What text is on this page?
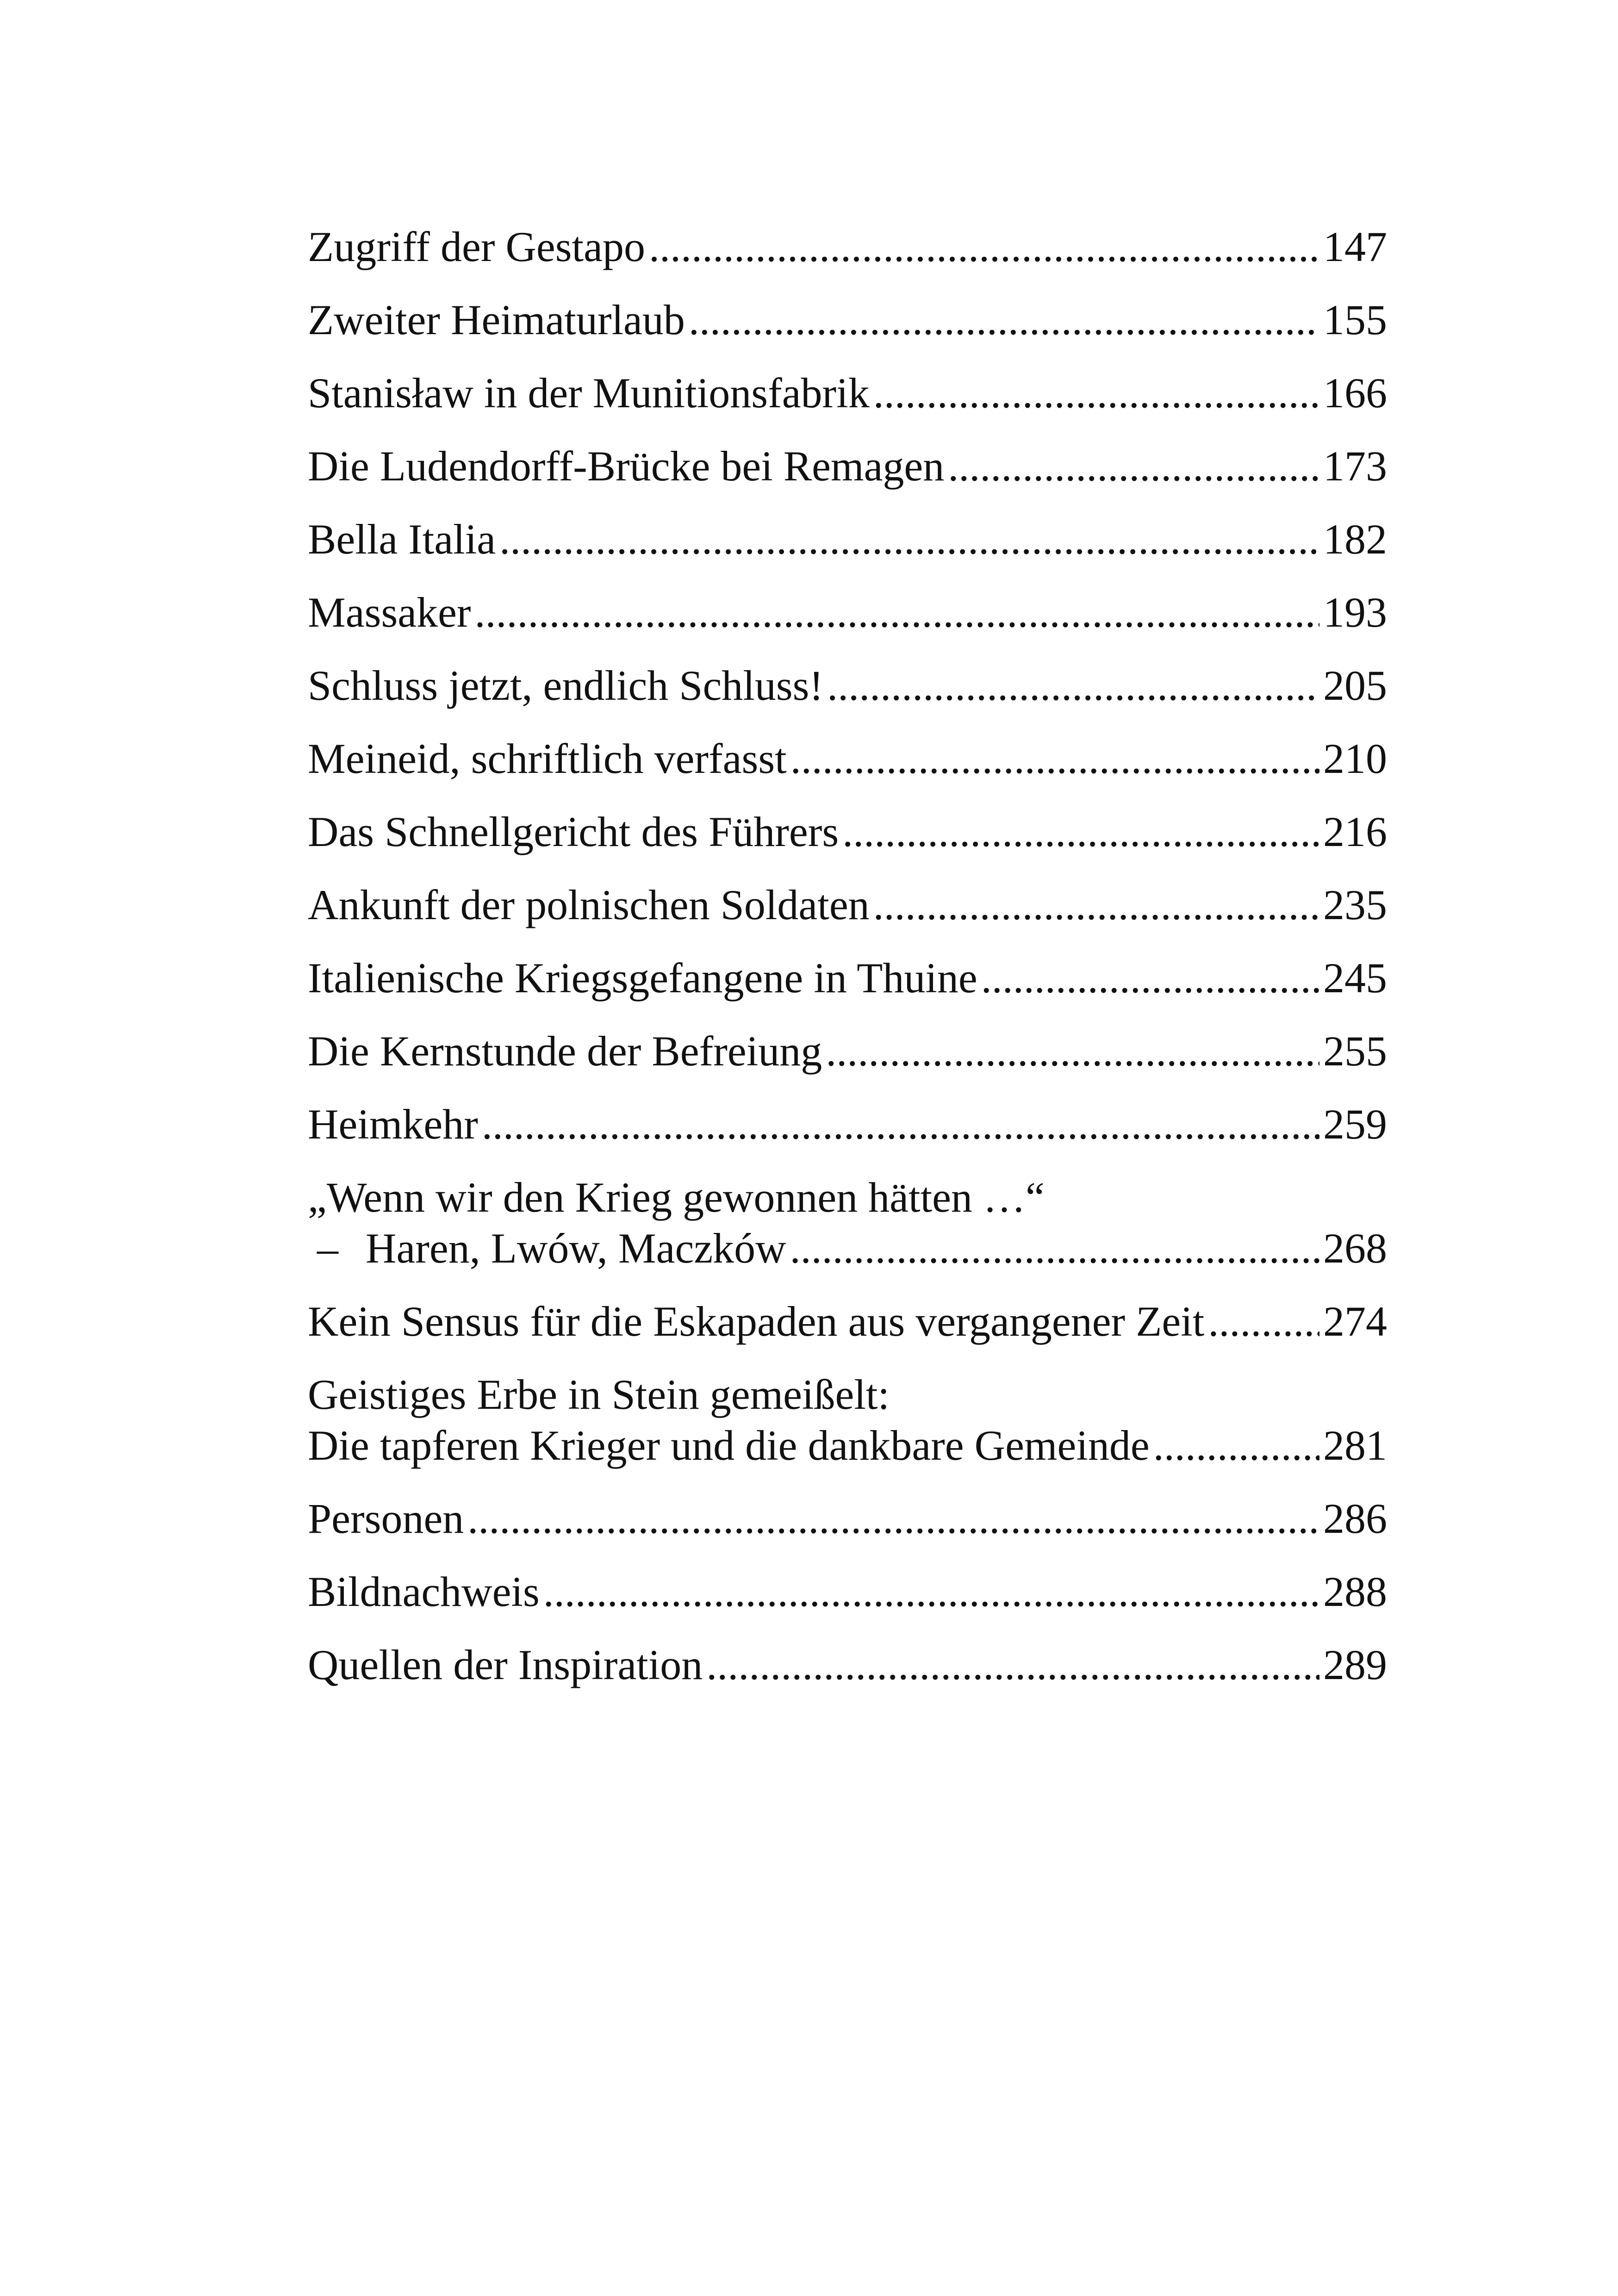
Zugriff der Gestapo .....	147
Zweiter Heimaturlaub .....	155
Stanisław in der Munitionsfabrik .....	166
Die Ludendorff-Brücke bei Remagen .....	173
Bella Italia .....	182
Massaker .....	193
Schluss jetzt, endlich Schluss! .....	205
Meineid, schriftlich verfasst .....	210
Das Schnellgericht des Führers .....	216
Ankunft der polnischen Soldaten .....	235
Italienische Kriegsgefangene in Thuine .....	245
Die Kernstunde der Befreiung .....	255
Heimkehr .....	259
„Wenn wir den Krieg gewonnen hätten …“
– Haren, Lwów, Maczków .....	268
Kein Sensus für die Eskapaden aus vergangener Zeit .....	274
Geistiges Erbe in Stein gemeißelt:
Die tapferen Krieger und die dankbare Gemeinde .....	281
Personen .....	286
Bildnachweis .....	288
Quellen der Inspiration .....	289
